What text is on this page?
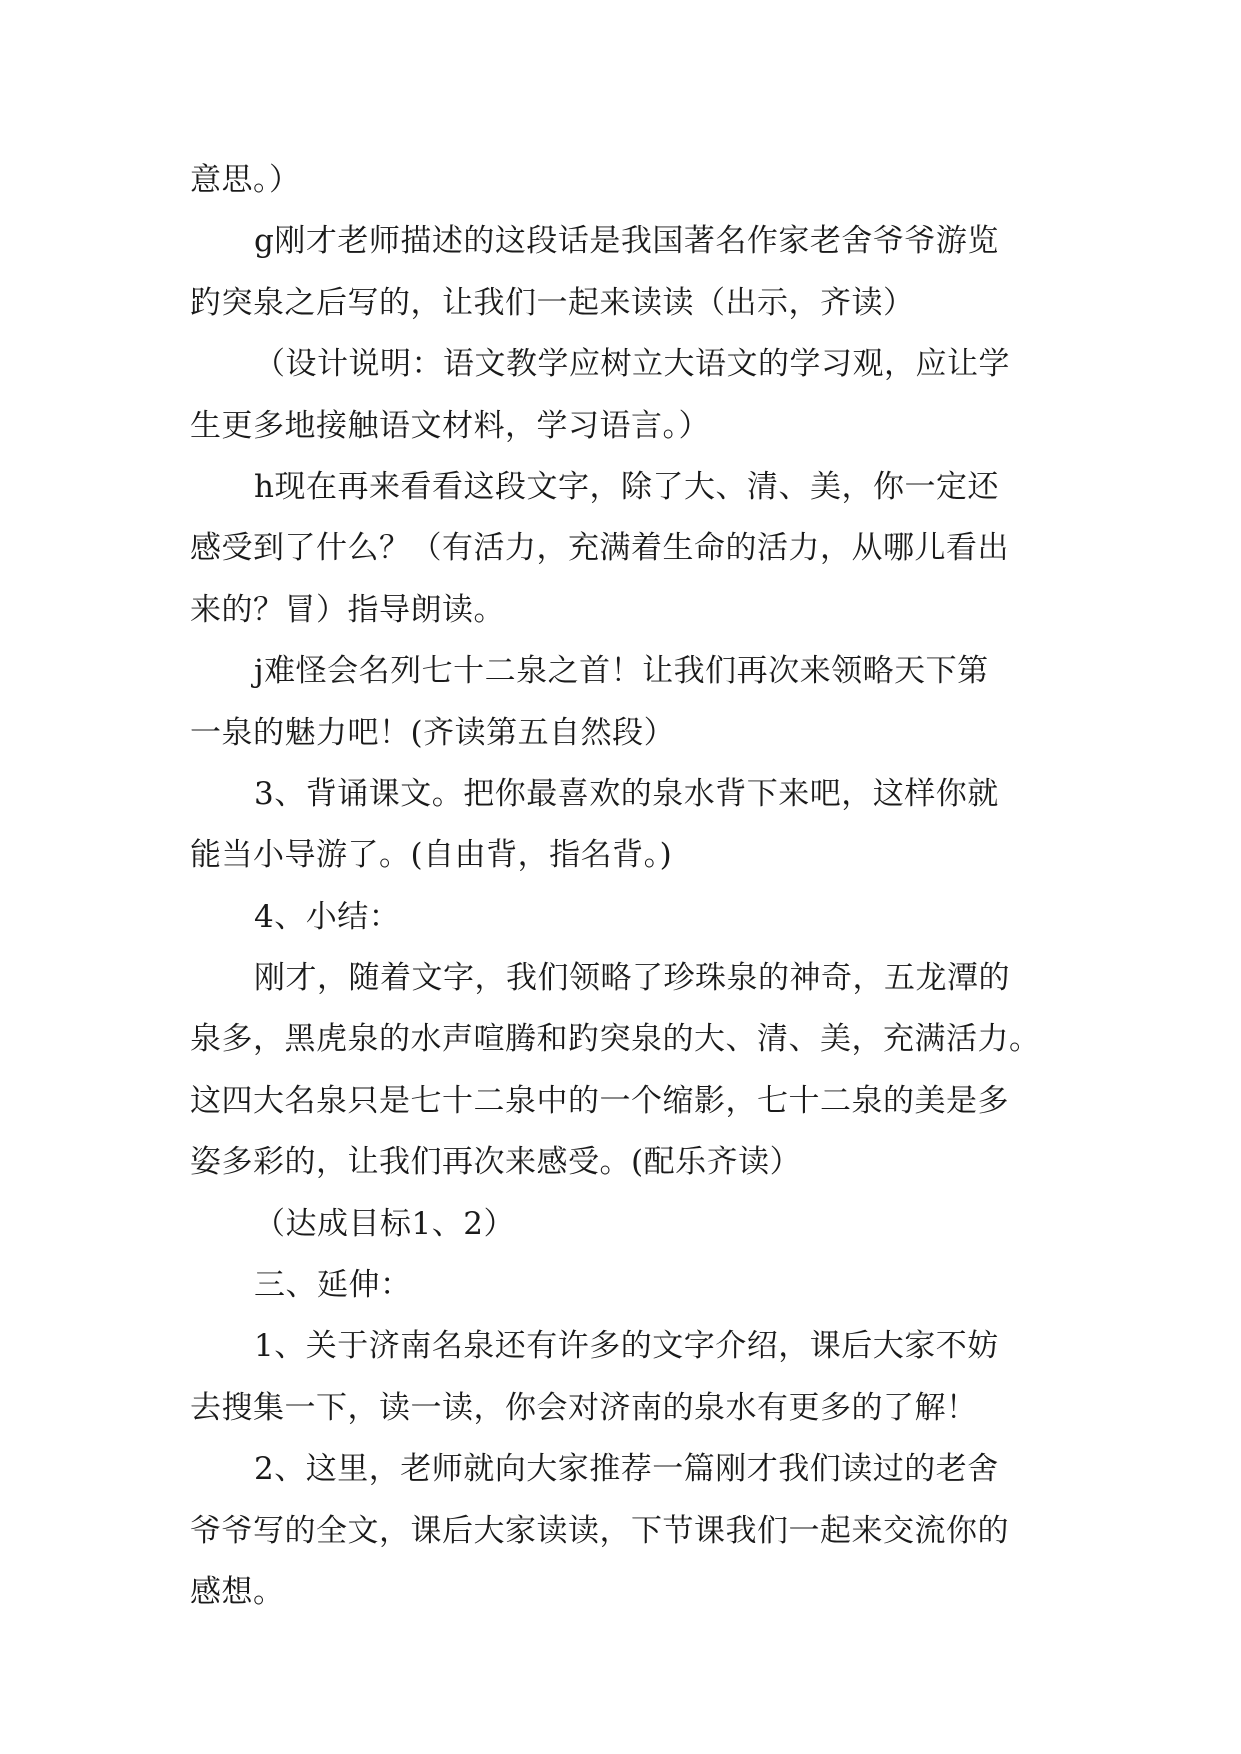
意思。）
g刚才老师描述的这段话是我国著名作家老舍爷爷游览
趵突泉之后写的，让我们一起来读读（出示，齐读）
（设计说明：语文教学应树立大语文的学习观，应让学
生更多地接触语文材料，学习语言。）
h现在再来看看这段文字，除了大、清、美，你一定还
感受到了什么？（有活力，充满着生命的活力，从哪儿看出
来的？冒）指导朗读。
j难怪会名列七十二泉之首！让我们再次来领略天下第
一泉的魅力吧！(齐读第五自然段）
3、背诵课文。把你最喜欢的泉水背下来吧，这样你就
能当小导游了。(自由背，指名背。)
4、小结：
刚才，随着文字，我们领略了珍珠泉的神奇，五龙潭的
泉多，黑虎泉的水声喧腾和趵突泉的大、清、美，充满活力。
这四大名泉只是七十二泉中的一个缩影，七十二泉的美是多
姿多彩的，让我们再次来感受。(配乐齐读）
（达成目标1、2）
三、延伸：
1、关于济南名泉还有许多的文字介绍，课后大家不妨
去搜集一下，读一读，你会对济南的泉水有更多的了解！
2、这里，老师就向大家推荐一篇刚才我们读过的老舍
爷爷写的全文，课后大家读读，下节课我们一起来交流你的
感想。
